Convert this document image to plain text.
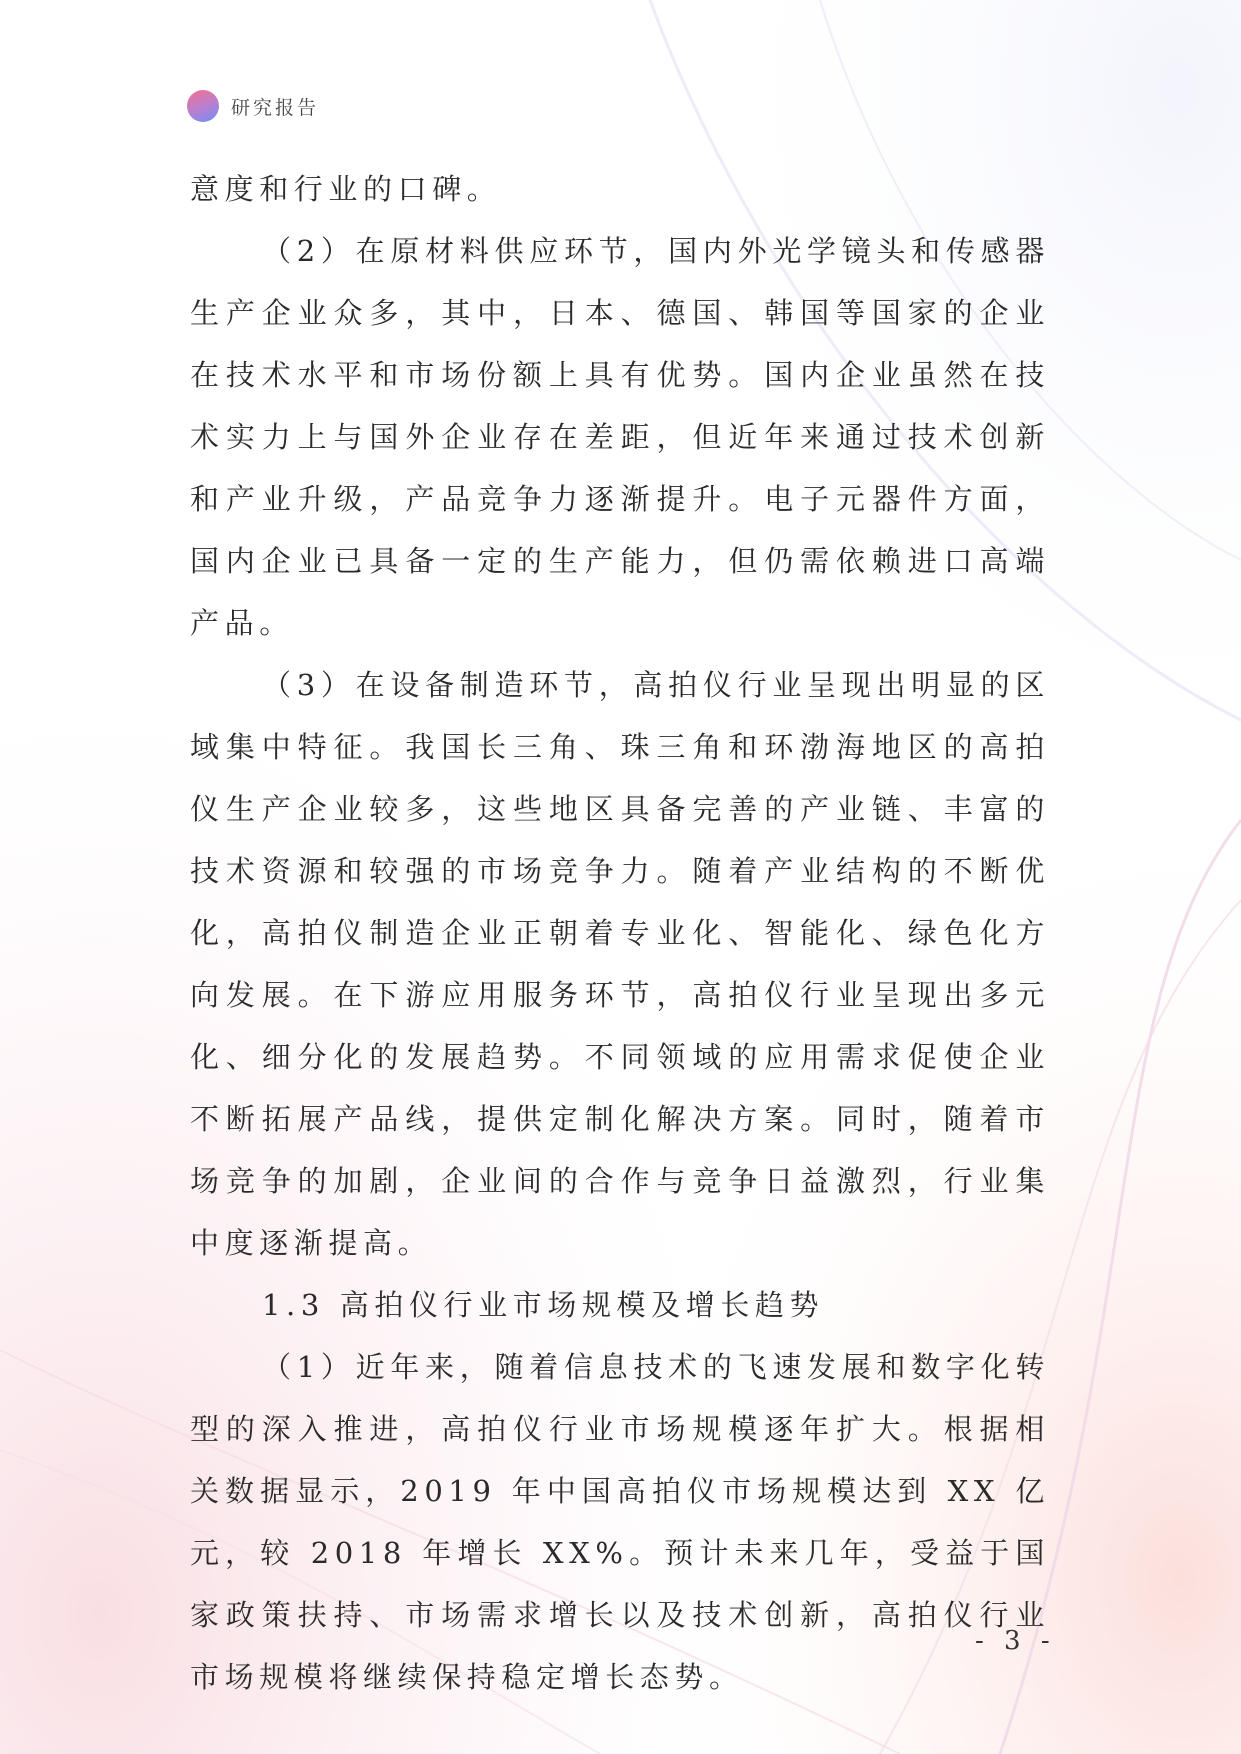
研究报告

意度和行业的口碑。

（2）在原材料供应环节，国内外光学镜头和传感器生产企业众多，其中，日本、德国、韩国等国家的企业在技术水平和市场份额上具有优势。国内企业虽然在技术实力上与国外企业存在差距，但近年来通过技术创新和产业升级，产品竞争力逐渐提升。电子元器件方面，国内企业已具备一定的生产能力，但仍需依赖进口高端产品。

（3）在设备制造环节，高拍仪行业呈现出明显的区域集中特征。我国长三角、珠三角和环渤海地区的高拍仪生产企业较多，这些地区具备完善的产业链、丰富的技术资源和较强的市场竞争力。随着产业结构的不断优化，高拍仪制造企业正朝着专业化、智能化、绿色化方向发展。在下游应用服务环节，高拍仪行业呈现出多元化、细分化的发展趋势。不同领域的应用需求促使企业不断拓展产品线，提供定制化解决方案。同时，随着市场竞争的加剧，企业间的合作与竞争日益激烈，行业集中度逐渐提高。

1.3 高拍仪行业市场规模及增长趋势

（1）近年来，随着信息技术的飞速发展和数字化转型的深入推进，高拍仪行业市场规模逐年扩大。根据相关数据显示，2019 年中国高拍仪市场规模达到 XX 亿元，较 2018 年增长 XX%。预计未来几年，受益于国家政策扶持、市场需求增长以及技术创新，高拍仪行业市场规模将继续保持稳定增长态势。

- 3 -
